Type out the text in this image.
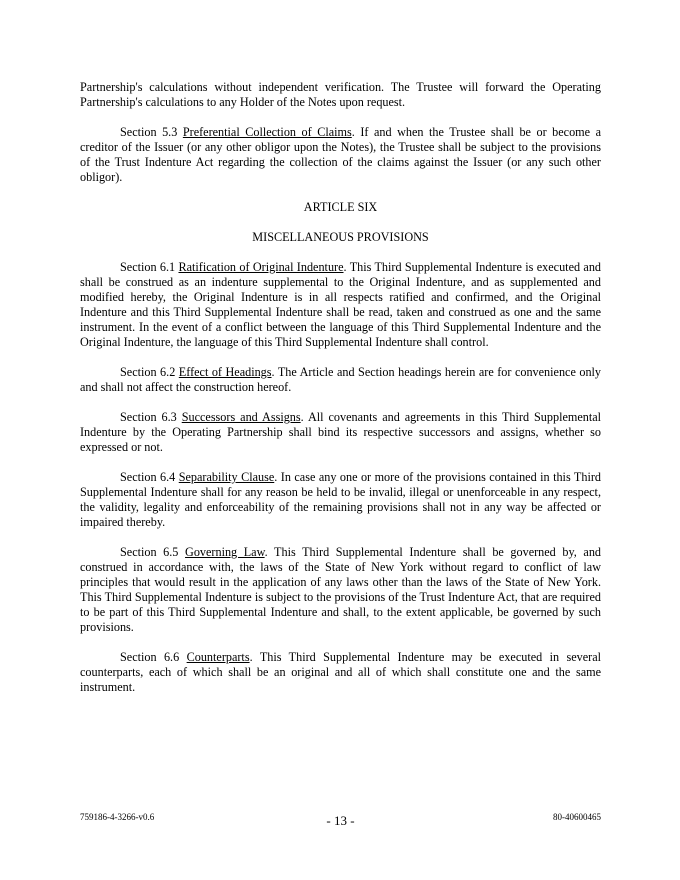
Partnership's calculations without independent verification. The Trustee will forward the Operating Partnership's calculations to any Holder of the Notes upon request.

Section 5.3 Preferential Collection of Claims. If and when the Trustee shall be or become a creditor of the Issuer (or any other obligor upon the Notes), the Trustee shall be subject to the provisions of the Trust Indenture Act regarding the collection of the claims against the Issuer (or any such other obligor).

ARTICLE SIX

MISCELLANEOUS PROVISIONS

Section 6.1 Ratification of Original Indenture. This Third Supplemental Indenture is executed and shall be construed as an indenture supplemental to the Original Indenture, and as supplemented and modified hereby, the Original Indenture is in all respects ratified and confirmed, and the Original Indenture and this Third Supplemental Indenture shall be read, taken and construed as one and the same instrument. In the event of a conflict between the language of this Third Supplemental Indenture and the Original Indenture, the language of this Third Supplemental Indenture shall control.

Section 6.2 Effect of Headings. The Article and Section headings herein are for convenience only and shall not affect the construction hereof.

Section 6.3 Successors and Assigns. All covenants and agreements in this Third Supplemental Indenture by the Operating Partnership shall bind its respective successors and assigns, whether so expressed or not.

Section 6.4 Separability Clause. In case any one or more of the provisions contained in this Third Supplemental Indenture shall for any reason be held to be invalid, illegal or unenforceable in any respect, the validity, legality and enforceability of the remaining provisions shall not in any way be affected or impaired thereby.

Section 6.5 Governing Law. This Third Supplemental Indenture shall be governed by, and construed in accordance with, the laws of the State of New York without regard to conflict of law principles that would result in the application of any laws other than the laws of the State of New York. This Third Supplemental Indenture is subject to the provisions of the Trust Indenture Act, that are required to be part of this Third Supplemental Indenture and shall, to the extent applicable, be governed by such provisions.

Section 6.6 Counterparts. This Third Supplemental Indenture may be executed in several counterparts, each of which shall be an original and all of which shall constitute one and the same instrument.

759186-4-3266-v0.6	- 13 -	80-40600465
